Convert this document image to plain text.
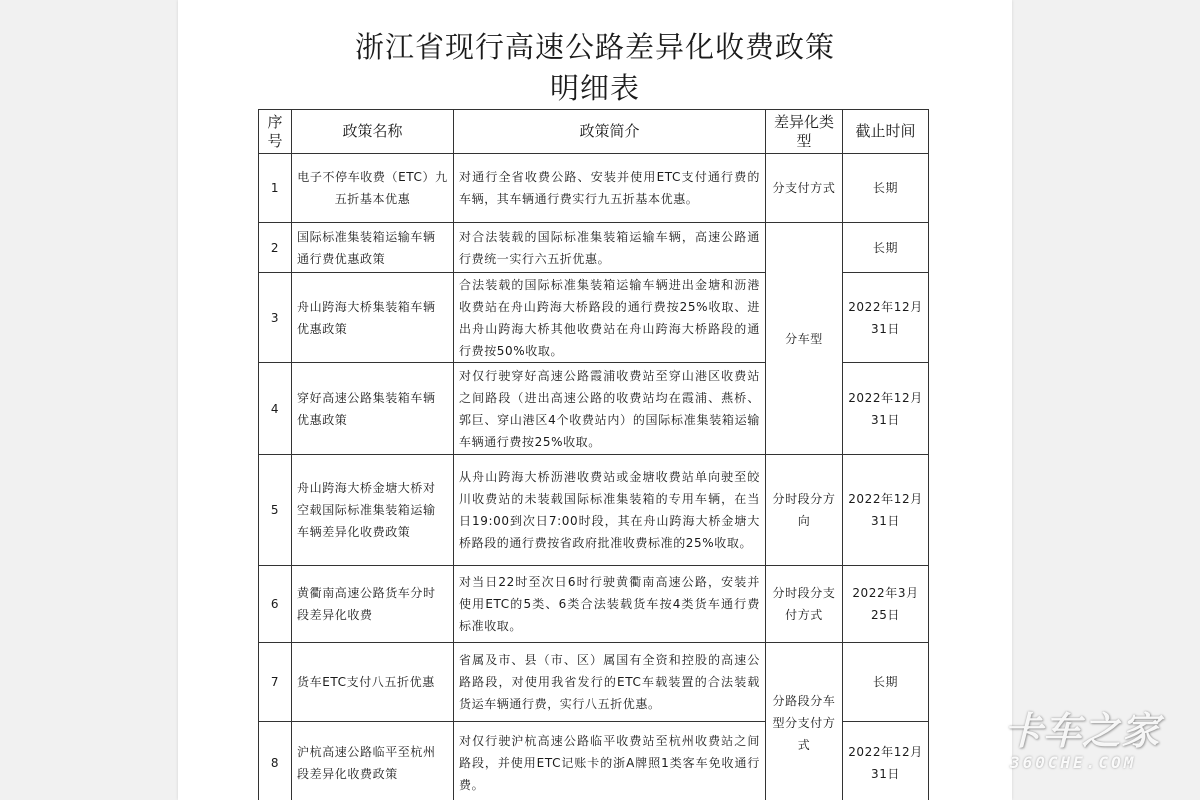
浙江省现行高速公路差异化收费政策
明细表
序号	政策名称	政策简介	差异化类型	截止时间
1	电子不停车收费（ETC）九五折基本优惠	对通行全省收费公路、安装并使用ETC支付通行费的车辆，其车辆通行费实行九五折基本优惠。	分支付方式	长期
2	国际标准集装箱运输车辆通行费优惠政策	对合法装载的国际标准集装箱运输车辆，高速公路通行费统一实行六五折优惠。	分车型	长期
3	舟山跨海大桥集装箱车辆优惠政策	合法装载的国际标准集装箱运输车辆进出金塘和沥港收费站在舟山跨海大桥路段的通行费按25%收取、进出舟山跨海大桥其他收费站在舟山跨海大桥路段的通行费按50%收取。		2022年12月31日
4	穿好高速公路集装箱车辆优惠政策	对仅行驶穿好高速公路霞浦收费站至穿山港区收费站之间路段（进出高速公路的收费站均在霞浦、燕桥、郭巨、穿山港区4个收费站内）的国际标准集装箱运输车辆通行费按25%收取。		2022年12月31日
5	舟山跨海大桥金塘大桥对空载国际标准集装箱运输车辆差异化收费政策	从舟山跨海大桥沥港收费站或金塘收费站单向驶至皎川收费站的未装载国际标准集装箱的专用车辆，在当日19:00到次日7:00时段，其在舟山跨海大桥金塘大桥路段的通行费按省政府批准收费标准的25%收取。	分时段分方向	2022年12月31日
6	黄衢南高速公路货车分时段差异化收费	对当日22时至次日6时行驶黄衢南高速公路，安装并使用ETC的5类、6类合法装载货车按4类货车通行费标准收取。	分时段分支付方式	2022年3月25日
7	货车ETC支付八五折优惠	省属及市、县（市、区）属国有全资和控股的高速公路路段，对使用我省发行的ETC车载装置的合法装载货运车辆通行费，实行八五折优惠。	分路段分车型分支付方式	长期
8	沪杭高速公路临平至杭州段差异化收费政策	对仅行驶沪杭高速公路临平收费站至杭州收费站之间路段，并使用ETC记账卡的浙A牌照1类客车免收通行费。		2022年12月31日
卡车之家
360CHE.COM
